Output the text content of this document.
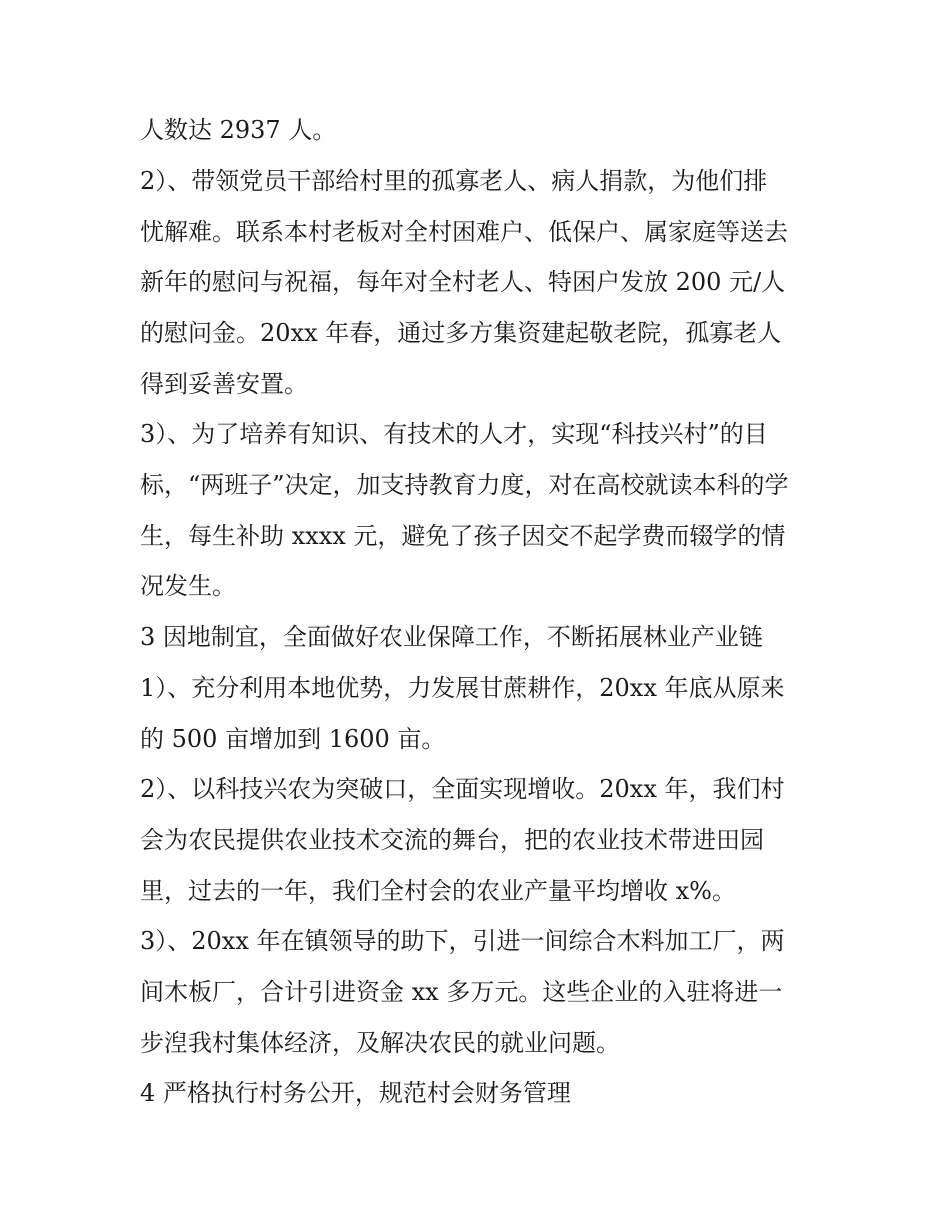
人数达 2937 人。
2）、带领党员干部给村里的孤寡老人、病人捐款，为他们排
忧解难。联系本村老板对全村困难户、低保户、属家庭等送去
新年的慰问与祝福，每年对全村老人、特困户发放 200 元/人
的慰问金。20xx 年春，通过多方集资建起敬老院，孤寡老人
得到妥善安置。
3）、为了培养有知识、有技术的人才，实现“科技兴村”的目
标，“两班子”决定，加支持教育力度，对在高校就读本科的学
生，每生补助 xxxx 元，避免了孩子因交不起学费而辍学的情
况发生。
3 因地制宜，全面做好农业保障工作，不断拓展林业产业链
1）、充分利用本地优势，力发展甘蔗耕作，20xx 年底从原来
的 500 亩增加到 1600 亩。
2）、以科技兴农为突破口，全面实现增收。20xx 年，我们村
会为农民提供农业技术交流的舞台，把的农业技术带进田园
里，过去的一年，我们全村会的农业产量平均增收 x%。
3）、20xx 年在镇领导的助下，引进一间综合木料加工厂，两
间木板厂，合计引进资金 xx 多万元。这些企业的入驻将进一
步湼我村集体经济，及解决农民的就业问题。
4 严格执行村务公开，规范村会财务管理
